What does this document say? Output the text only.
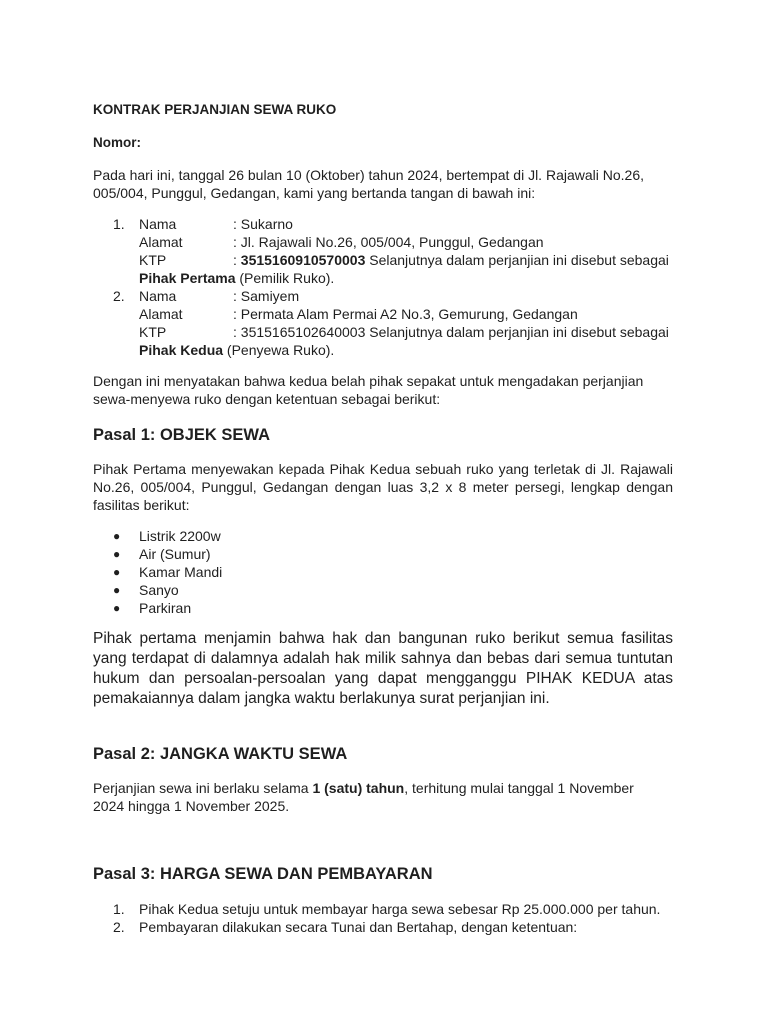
KONTRAK PERJANJIAN SEWA RUKO
Nomor:
Pada hari ini, tanggal 26 bulan 10 (Oktober) tahun 2024, bertempat di Jl. Rajawali No.26,
005/004, Punggul, Gedangan, kami yang bertanda tangan di bawah ini:
1. Nama	: Sukarno
Alamat	: Jl. Rajawali No.26, 005/004, Punggul, Gedangan
KTP	: 3515160910570003 Selanjutnya dalam perjanjian ini disebut sebagai
Pihak Pertama (Pemilik Ruko).
2. Nama	: Samiyem
Alamat	: Permata Alam Permai A2 No.3, Gemurung, Gedangan
KTP	: 3515165102640003 Selanjutnya dalam perjanjian ini disebut sebagai
Pihak Kedua (Penyewa Ruko).
Dengan ini menyatakan bahwa kedua belah pihak sepakat untuk mengadakan perjanjian
sewa-menyewa ruko dengan ketentuan sebagai berikut:
Pasal 1: OBJEK SEWA
Pihak Pertama menyewakan kepada Pihak Kedua sebuah ruko yang terletak di Jl. Rajawali
No.26, 005/004, Punggul, Gedangan dengan luas 3,2 x 8 meter persegi, lengkap dengan
fasilitas berikut:
● Listrik 2200w
● Air (Sumur)
● Kamar Mandi
● Sanyo
● Parkiran
Pihak pertama menjamin bahwa hak dan bangunan ruko berikut semua fasilitas
yang terdapat di dalamnya adalah hak milik sahnya dan bebas dari semua tuntutan
hukum dan persoalan-persoalan yang dapat mengganggu PIHAK KEDUA atas
pemakaiannya dalam jangka waktu berlakunya surat perjanjian ini.
Pasal 2: JANGKA WAKTU SEWA
Perjanjian sewa ini berlaku selama 1 (satu) tahun, terhitung mulai tanggal 1 November
2024 hingga 1 November 2025.
Pasal 3: HARGA SEWA DAN PEMBAYARAN
1. Pihak Kedua setuju untuk membayar harga sewa sebesar Rp 25.000.000 per tahun.
2. Pembayaran dilakukan secara Tunai dan Bertahap, dengan ketentuan:
